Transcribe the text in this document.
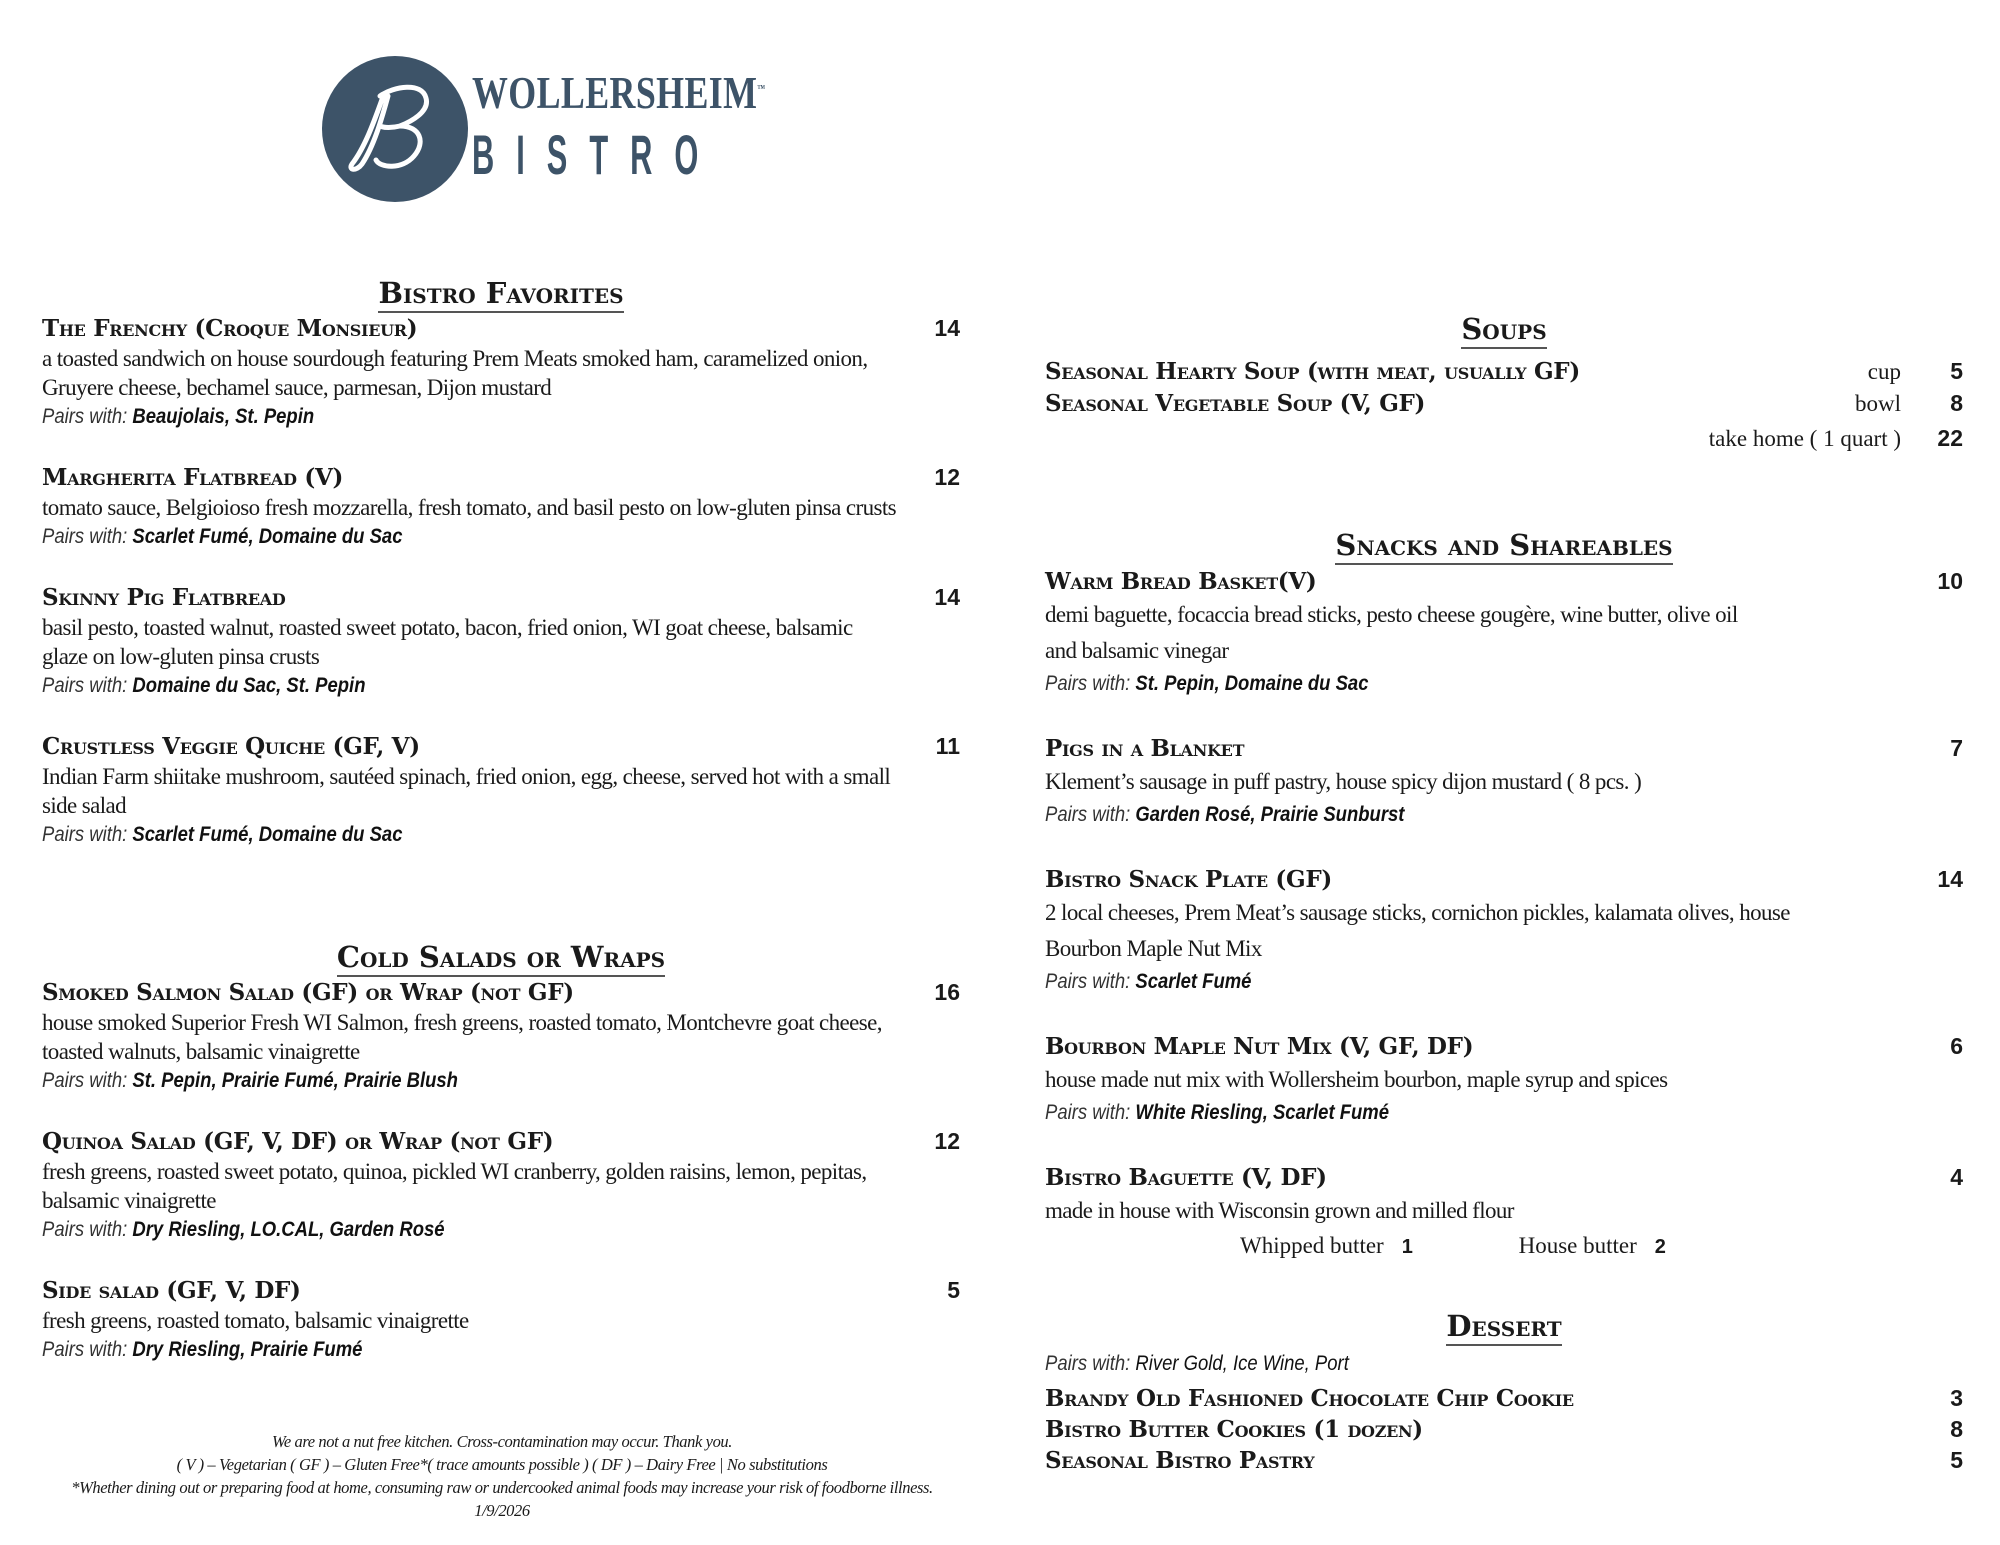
WOLLERSHEIM™
BISTRO
Bistro Favorites
The Frenchy (Croque Monsieur)	14
a toasted sandwich on house sourdough featuring Prem Meats smoked ham, caramelized onion, Gruyere cheese, bechamel sauce, parmesan, Dijon mustard
Pairs with: Beaujolais, St. Pepin
Margherita Flatbread (V)	12
tomato sauce, Belgioioso fresh mozzarella, fresh tomato, and basil pesto on low-gluten pinsa crusts
Pairs with: Scarlet Fumé, Domaine du Sac
Skinny Pig Flatbread	14
basil pesto, toasted walnut, roasted sweet potato, bacon, fried onion, WI goat cheese, balsamic glaze on low-gluten pinsa crusts
Pairs with: Domaine du Sac, St. Pepin
Crustless Veggie Quiche (GF, V)	11
Indian Farm shiitake mushroom, sautéed spinach, fried onion, egg, cheese, served hot with a small side salad
Pairs with: Scarlet Fumé, Domaine du Sac
Cold Salads or Wraps
Smoked Salmon Salad (GF) or Wrap (not GF)	16
house smoked Superior Fresh WI Salmon, fresh greens, roasted tomato, Montchevre goat cheese, toasted walnuts, balsamic vinaigrette
Pairs with: St. Pepin, Prairie Fumé, Prairie Blush
Quinoa Salad (GF, V, DF) or Wrap (not GF)	12
fresh greens, roasted sweet potato, quinoa, pickled WI cranberry, golden raisins, lemon, pepitas, balsamic vinaigrette
Pairs with: Dry Riesling, LO.CAL, Garden Rosé
Side salad (GF, V, DF)	5
fresh greens, roasted tomato, balsamic vinaigrette
Pairs with: Dry Riesling, Prairie Fumé
We are not a nut free kitchen. Cross-contamination may occur. Thank you.
( V ) – Vegetarian ( GF ) – Gluten Free*( trace amounts possible ) ( DF ) – Dairy Free | No substitutions
*Whether dining out or preparing food at home, consuming raw or undercooked animal foods may increase your risk of foodborne illness.
1/9/2026
Soups
Seasonal Hearty Soup (with meat, usually GF)	cup	5
Seasonal Vegetable Soup (V, GF)	bowl	8
take home ( 1 quart )	22
Snacks and Shareables
Warm Bread Basket(V)	10
demi baguette, focaccia bread sticks, pesto cheese gougère, wine butter, olive oil and balsamic vinegar
Pairs with: St. Pepin, Domaine du Sac
Pigs in a Blanket	7
Klement’s sausage in puff pastry, house spicy dijon mustard ( 8 pcs. )
Pairs with: Garden Rosé, Prairie Sunburst
Bistro Snack Plate (GF)	14
2 local cheeses, Prem Meat’s sausage sticks, cornichon pickles, kalamata olives, house Bourbon Maple Nut Mix
Pairs with: Scarlet Fumé
Bourbon Maple Nut Mix (V, GF, DF)	6
house made nut mix with Wollersheim bourbon, maple syrup and spices
Pairs with: White Riesling, Scarlet Fumé
Bistro Baguette (V, DF)	4
made in house with Wisconsin grown and milled flour
Whipped butter 1	House butter 2
Dessert
Pairs with: River Gold, Ice Wine, Port
Brandy Old Fashioned Chocolate Chip Cookie	3
Bistro Butter Cookies (1 dozen)	8
Seasonal Bistro Pastry	5
